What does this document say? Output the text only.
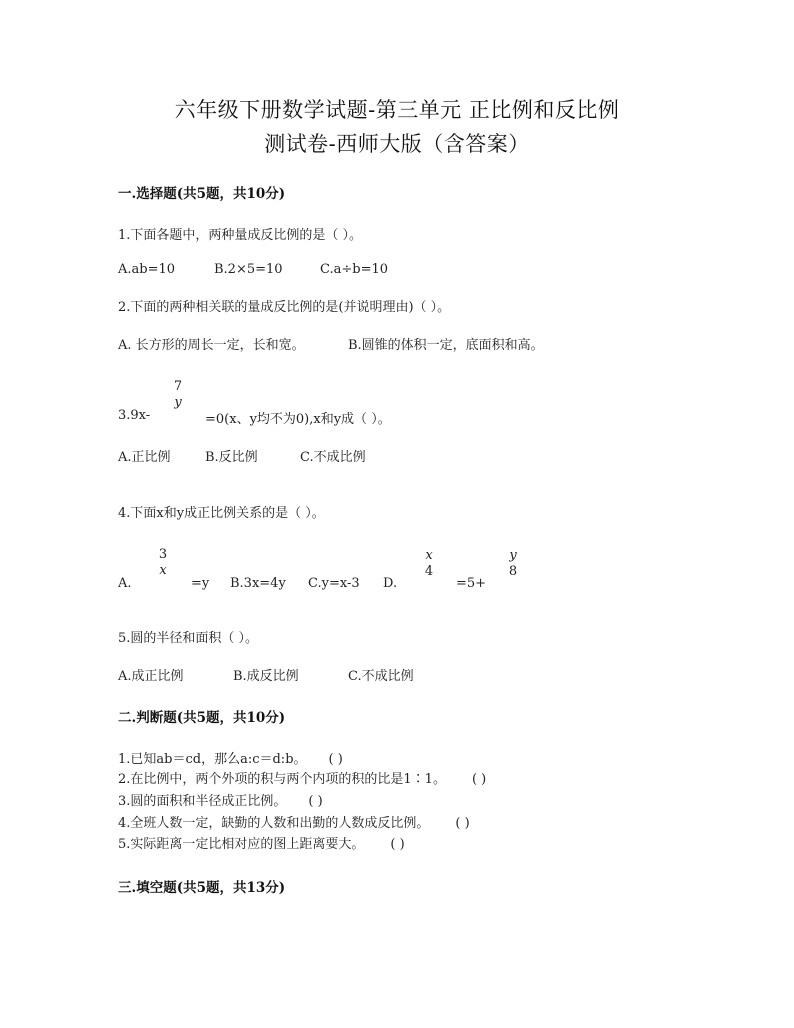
六年级下册数学试题-第三单元 正比例和反比例
测试卷-西师大版（含答案）
一.选择题(共5题，共10分)
1.下面各题中，两种量成反比例的是（ ）。
A.ab=10	B.2×5=10	C.a÷b=10
2.下面的两种相关联的量成反比例的是(并说明理由)（ ）。
A. 长方形的周长一定，长和宽。	B.圆锥的体积一定，底面积和高。
3.9x-
7
y
=0(x、y均不为0),x和y成（ ）。
A.正比例	B.反比例	C.不成比例
4.下面x和y成正比例关系的是（ ）。
A.
3
x
=y B.3x=4y C.y=x-3 D.
x
4
=5+
y
8
5.圆的半径和面积（ ）。
A.成正比例	B.成反比例	C.不成比例
二.判断题(共5题，共10分)
1.已知ab＝cd，那么a:c＝d:b。 ( )
2.在比例中，两个外项的积与两个内项的积的比是1∶1。 ( )
3.圆的面积和半径成正比例。 ( )
4.全班人数一定，缺勤的人数和出勤的人数成反比例。 ( )
5.实际距离一定比相对应的图上距离要大。 ( )
三.填空题(共5题，共13分)
